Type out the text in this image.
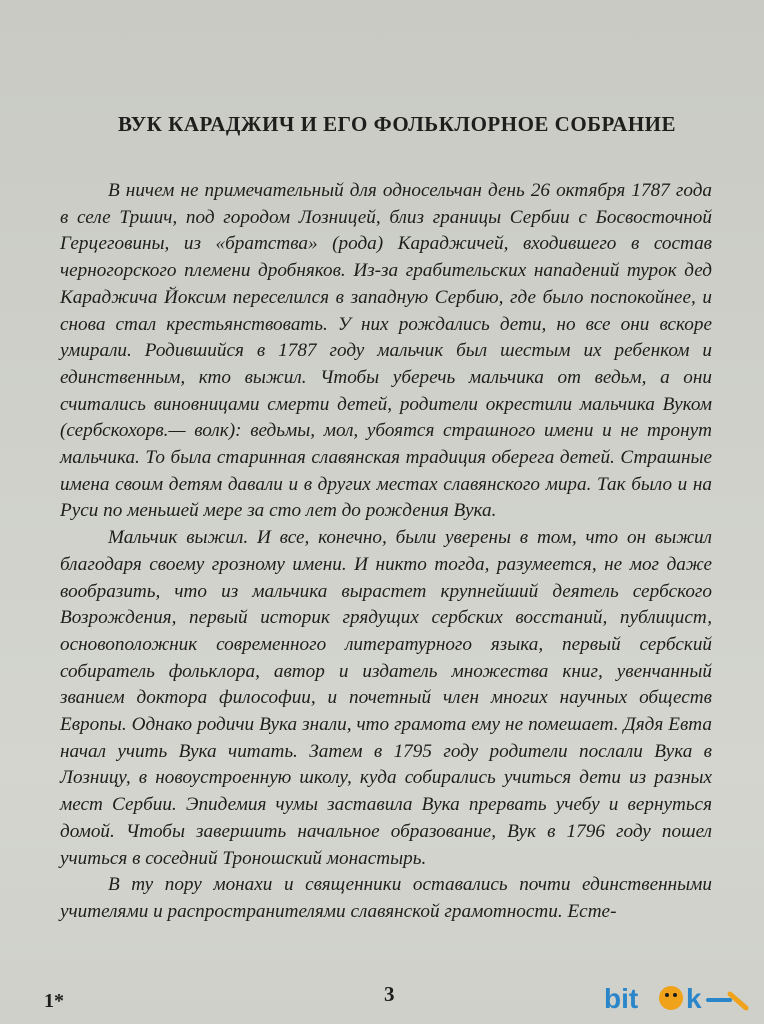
ВУК КАРАДЖИЧ И ЕГО ФОЛЬКЛОРНОЕ СОБРАНИЕ

В ничем не примечательный для односельчан день 26 октября 1787 года в селе Тршич, под городом Лозницей, близ границы Сербии с Босвосточной Герцеговины, из «братства» (рода) Караджичей, входившего в состав черногорского племени дробняков. Из-за грабительских нападений турок дед Караджича Йоксим переселился в западную Сербию, где было поспокойнее, и снова стал крестьянствовать. У них рождались дети, но все они вскоре умирали. Родившийся в 1787 году мальчик был шестым их ребенком и единственным, кто выжил. Чтобы уберечь мальчика от ведьм, а они считались виновницами смерти детей, родители окрестили мальчика Вуком (сербскохорв.— волк): ведьмы, мол, убоятся страшного имени и не тронут мальчика. То была старинная славянская традиция оберега детей. Страшные имена своим детям давали и в других местах славянского мира. Так было и на Руси по меньшей мере за сто лет до рождения Вука.

Мальчик выжил. И все, конечно, были уверены в том, что он выжил благодаря своему грозному имени. И никто тогда, разумеется, не мог даже вообразить, что из мальчика вырастет крупнейший деятель сербского Возрождения, первый историк грядущих сербских восстаний, публицист, основоположник современного литературного языка, первый сербский собиратель фольклора, автор и издатель множества книг, увенчанный званием доктора философии, и почетный член многих научных обществ Европы. Однако родичи Вука знали, что грамота ему не помешает. Дядя Евта начал учить Вука читать. Затем в 1795 году родители послали Вука в Лозницу, в новоустроенную школу, куда собирались учиться дети из разных мест Сербии. Эпидемия чумы заставила Вука прервать учебу и вернуться домой. Чтобы завершить начальное образование, Вук в 1796 году пошел учиться в соседний Троношский монастырь.

В ту пору монахи и священники оставались почти единственными учителями и распространителями славянской грамотности. Есте-

1*	3	bit k
